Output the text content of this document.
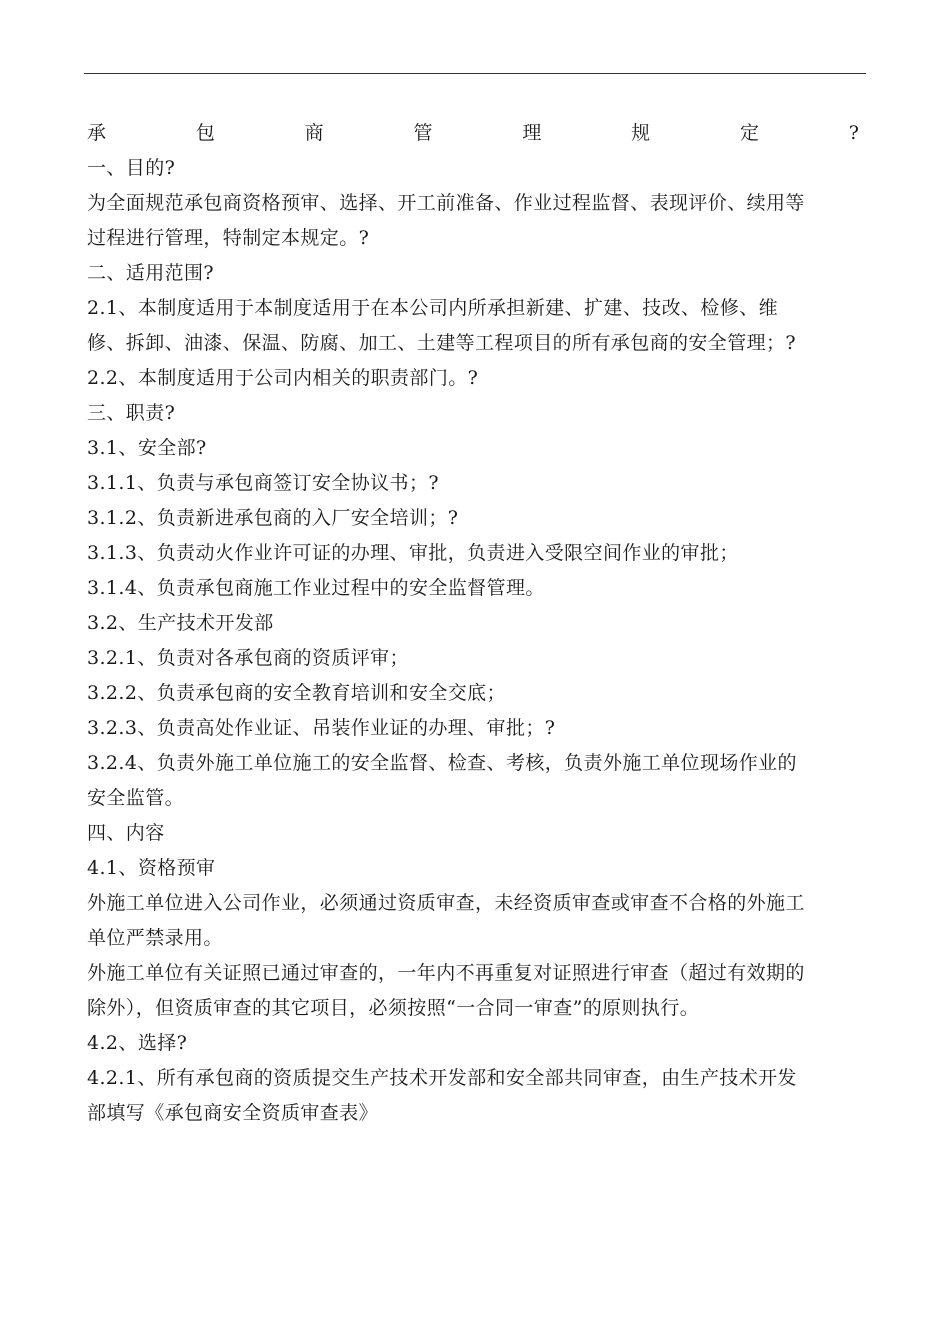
承	包	商	管	理	规	定	?
一、目的?
为全面规范承包商资格预审、选择、开工前准备、作业过程监督、表现评价、续用等
过程进行管理，特制定本规定。?
二、适用范围?
2.1、本制度适用于本制度适用于在本公司内所承担新建、扩建、技改、检修、维
修、拆卸、油漆、保温、防腐、加工、土建等工程项目的所有承包商的安全管理；?
2.2、本制度适用于公司内相关的职责部门。?
三、职责?
3.1、安全部?
3.1.1、负责与承包商签订安全协议书；?
3.1.2、负责新进承包商的入厂安全培训；?
3.1.3、负责动火作业许可证的办理、审批，负责进入受限空间作业的审批；
3.1.4、负责承包商施工作业过程中的安全监督管理。
3.2、生产技术开发部
3.2.1、负责对各承包商的资质评审；
3.2.2、负责承包商的安全教育培训和安全交底；
3.2.3、负责高处作业证、吊装作业证的办理、审批；?
3.2.4、负责外施工单位施工的安全监督、检查、考核，负责外施工单位现场作业的
安全监管。
四、内容
4.1、资格预审
外施工单位进入公司作业，必须通过资质审查，未经资质审查或审查不合格的外施工
单位严禁录用。
外施工单位有关证照已通过审查的，一年内不再重复对证照进行审查（超过有效期的
除外），但资质审查的其它项目，必须按照“一合同一审查”的原则执行。
4.2、选择?
4.2.1、所有承包商的资质提交生产技术开发部和安全部共同审查，由生产技术开发
部填写《承包商安全资质审查表》
